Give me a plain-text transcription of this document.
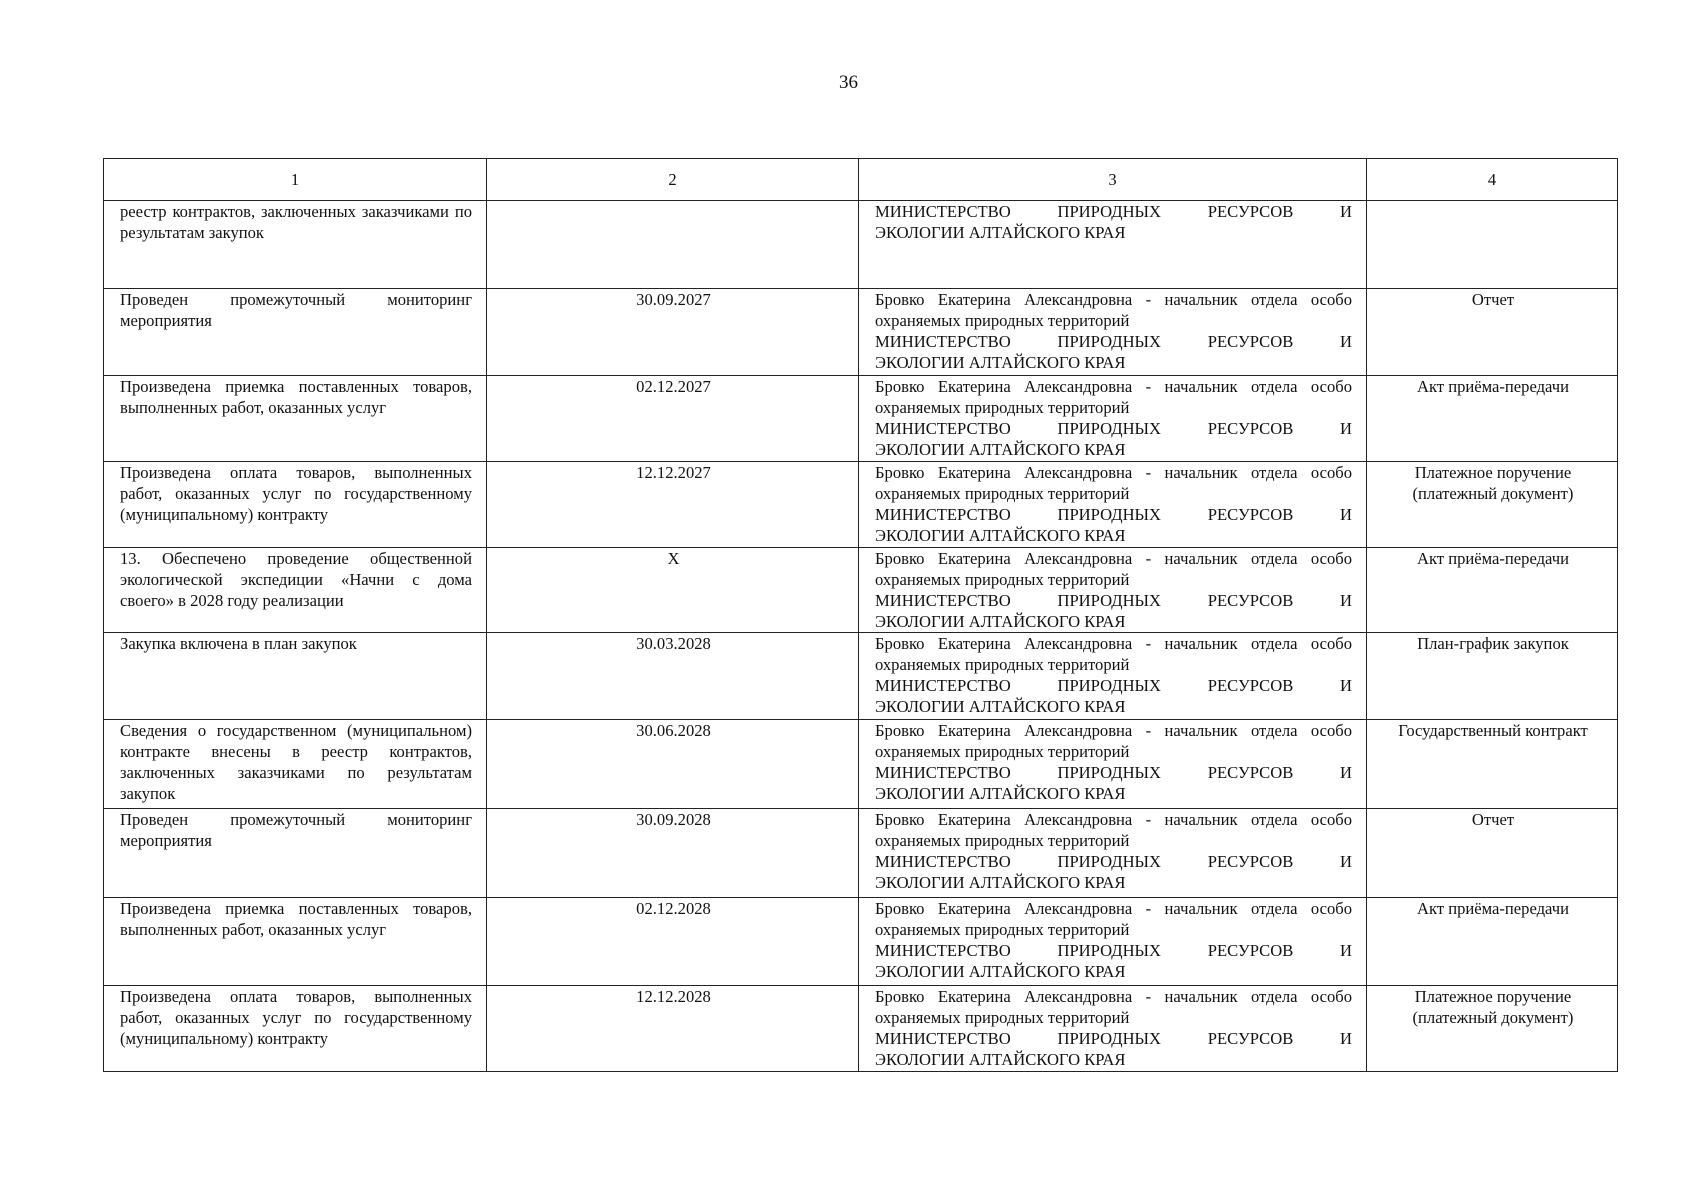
36
1	2	3	4
реестр контрактов, заключенных заказчиками по результатам закупок		МИНИСТЕРСТВО ПРИРОДНЫХ РЕСУРСОВ И
ЭКОЛОГИИ АЛТАЙСКОГО КРАЯ	

Проведен промежуточный мониторинг мероприятия	30.09.2027	Бровко Екатерина Александровна - начальник отдела особо охраняемых природных территорий
МИНИСТЕРСТВО ПРИРОДНЫХ РЕСУРСОВ И
ЭКОЛОГИИ АЛТАЙСКОГО КРАЯ	Отчет
Произведена приемка поставленных товаров, выполненных работ, оказанных услуг	02.12.2027	Бровко Екатерина Александровна - начальник отдела особо охраняемых природных территорий
МИНИСТЕРСТВО ПРИРОДНЫХ РЕСУРСОВ И
ЭКОЛОГИИ АЛТАЙСКОГО КРАЯ	Акт приёма-передачи
Произведена оплата товаров, выполненных работ, оказанных услуг по государственному (муниципальному) контракту	12.12.2027	Бровко Екатерина Александровна - начальник отдела особо охраняемых природных территорий
МИНИСТЕРСТВО ПРИРОДНЫХ РЕСУРСОВ И
ЭКОЛОГИИ АЛТАЙСКОГО КРАЯ	Платежное поручение (платежный документ)
13. Обеспечено проведение общественной экологической экспедиции «Начни с дома своего» в 2028 году реализации	X	Бровко Екатерина Александровна - начальник отдела особо охраняемых природных территорий
МИНИСТЕРСТВО ПРИРОДНЫХ РЕСУРСОВ И
ЭКОЛОГИИ АЛТАЙСКОГО КРАЯ	Акт приёма-передачи
Закупка включена в план закупок	30.03.2028	Бровко Екатерина Александровна - начальник отдела особо охраняемых природных территорий
МИНИСТЕРСТВО ПРИРОДНЫХ РЕСУРСОВ И
ЭКОЛОГИИ АЛТАЙСКОГО КРАЯ	План-график закупок
Сведения о государственном (муниципальном) контракте внесены в реестр контрактов, заключенных заказчиками по результатам закупок	30.06.2028	Бровко Екатерина Александровна - начальник отдела особо охраняемых природных территорий
МИНИСТЕРСТВО ПРИРОДНЫХ РЕСУРСОВ И
ЭКОЛОГИИ АЛТАЙСКОГО КРАЯ	Государственный контракт
Проведен промежуточный мониторинг мероприятия	30.09.2028	Бровко Екатерина Александровна - начальник отдела особо охраняемых природных территорий
МИНИСТЕРСТВО ПРИРОДНЫХ РЕСУРСОВ И
ЭКОЛОГИИ АЛТАЙСКОГО КРАЯ	Отчет
Произведена приемка поставленных товаров, выполненных работ, оказанных услуг	02.12.2028	Бровко Екатерина Александровна - начальник отдела особо охраняемых природных территорий
МИНИСТЕРСТВО ПРИРОДНЫХ РЕСУРСОВ И
ЭКОЛОГИИ АЛТАЙСКОГО КРАЯ	Акт приёма-передачи
Произведена оплата товаров, выполненных работ, оказанных услуг по государственному (муниципальному) контракту	12.12.2028	Бровко Екатерина Александровна - начальник отдела особо охраняемых природных территорий
МИНИСТЕРСТВО ПРИРОДНЫХ РЕСУРСОВ И
ЭКОЛОГИИ АЛТАЙСКОГО КРАЯ	Платежное поручение (платежный документ)
